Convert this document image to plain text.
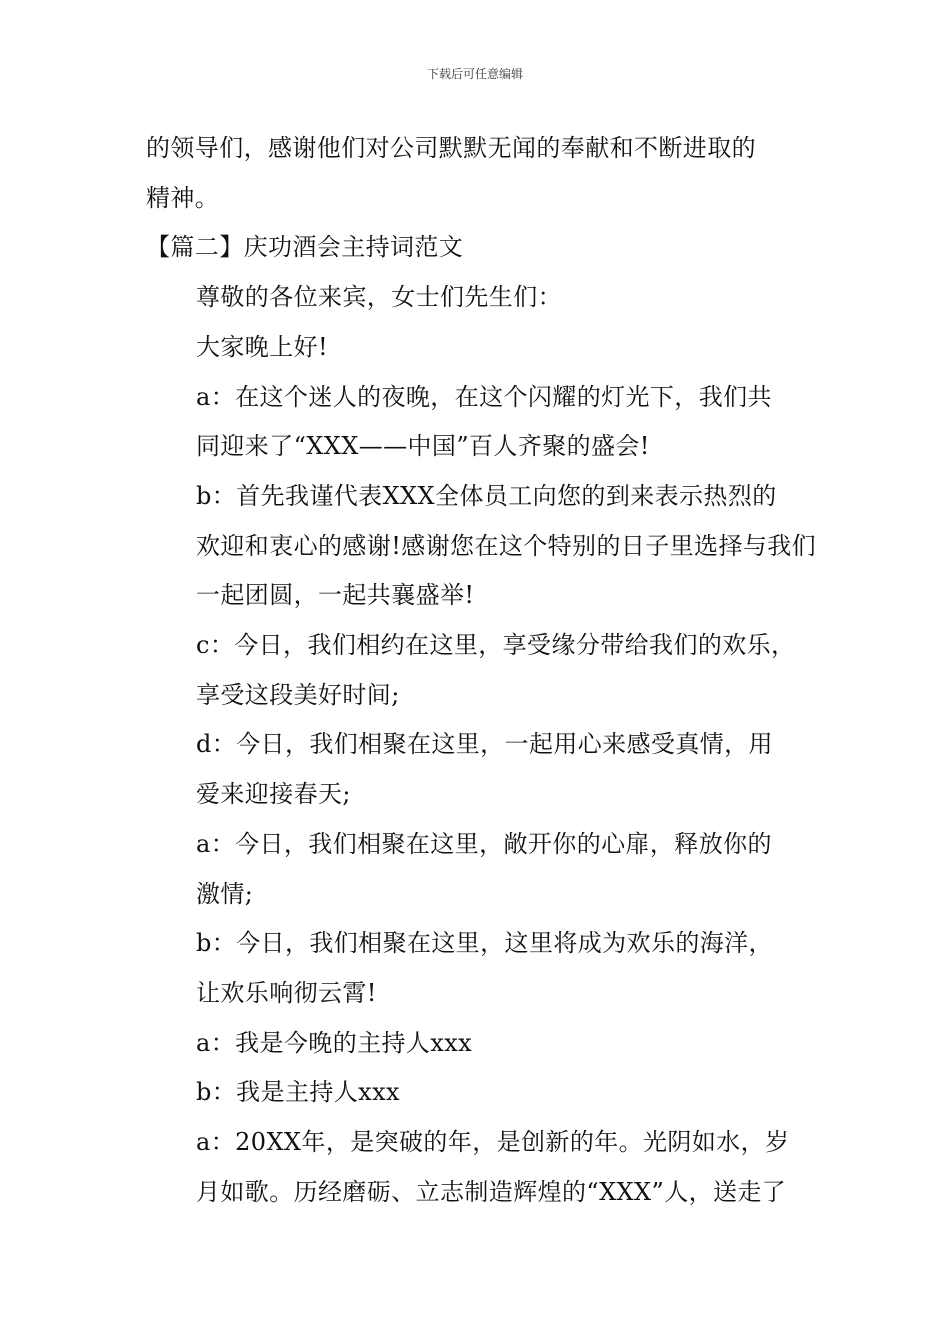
下载后可任意编辑

的领导们，感谢他们对公司默默无闻的奉献和不断进取的
精神。

【篇二】庆功酒会主持词范文

尊敬的各位来宾，女士们先生们：

大家晚上好!

a：在这个迷人的夜晚，在这个闪耀的灯光下，我们共
同迎来了“XXX——中国”百人齐聚的盛会!

b：首先我谨代表XXX全体员工向您的到来表示热烈的
欢迎和衷心的感谢!感谢您在这个特别的日子里选择与我们
一起团圆，一起共襄盛举!

c：今日，我们相约在这里，享受缘分带给我们的欢乐，
享受这段美好时间;

d：今日，我们相聚在这里，一起用心来感受真情，用
爱来迎接春天;

a：今日，我们相聚在这里，敞开你的心扉，释放你的
激情;

b：今日，我们相聚在这里，这里将成为欢乐的海洋，
让欢乐响彻云霄!

a：我是今晚的主持人xxx

b：我是主持人xxx

a：20XX年，是突破的年，是创新的年。光阴如水，岁
月如歌。历经磨砺、立志制造辉煌的“XXX”人，送走了
